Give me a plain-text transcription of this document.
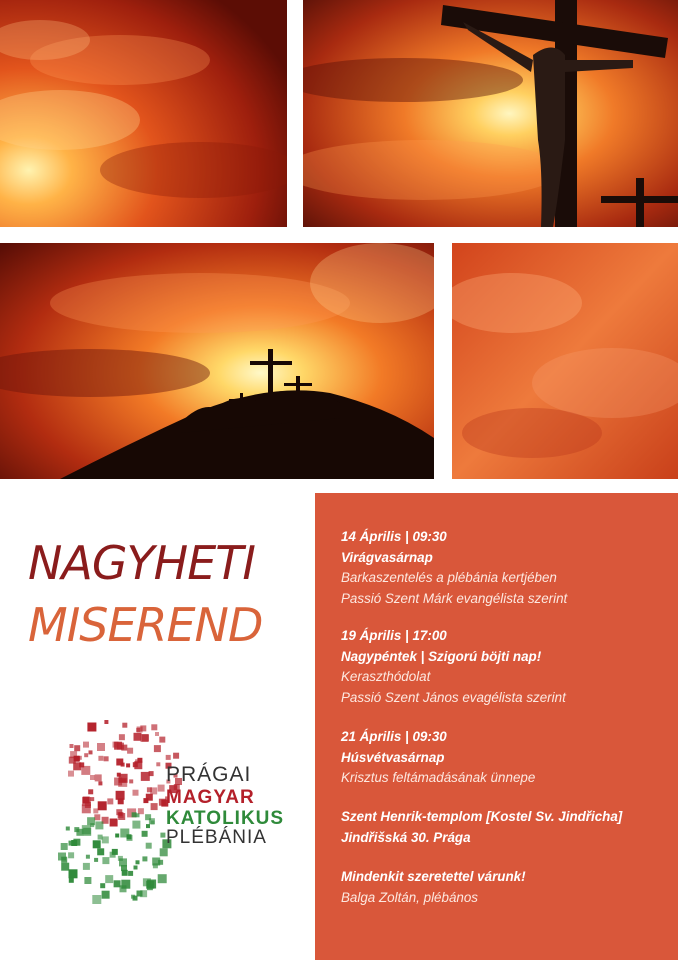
NAGYHETI
MISEREND
PRÁGAI
MAGYAR
KATOLIKUS
PLÉBÁNIA
14 Április | 09:30
Virágvasárnap
Barkaszentelés a plébánia kertjében
Passió Szent Márk evangélista szerint
19 Április | 17:00
Nagypéntek | Szigorú böjti nap!
Keraszthódolat
Passió Szent János evagélista szerint
21 Április | 09:30
Húsvétvasárnap
Krisztus feltámadásának ünnepe
Szent Henrik-templom [Kostel Sv. Jindřicha]
Jindřišská 30. Prága
Mindenkit szeretettel várunk!
Balga Zoltán, plébános
